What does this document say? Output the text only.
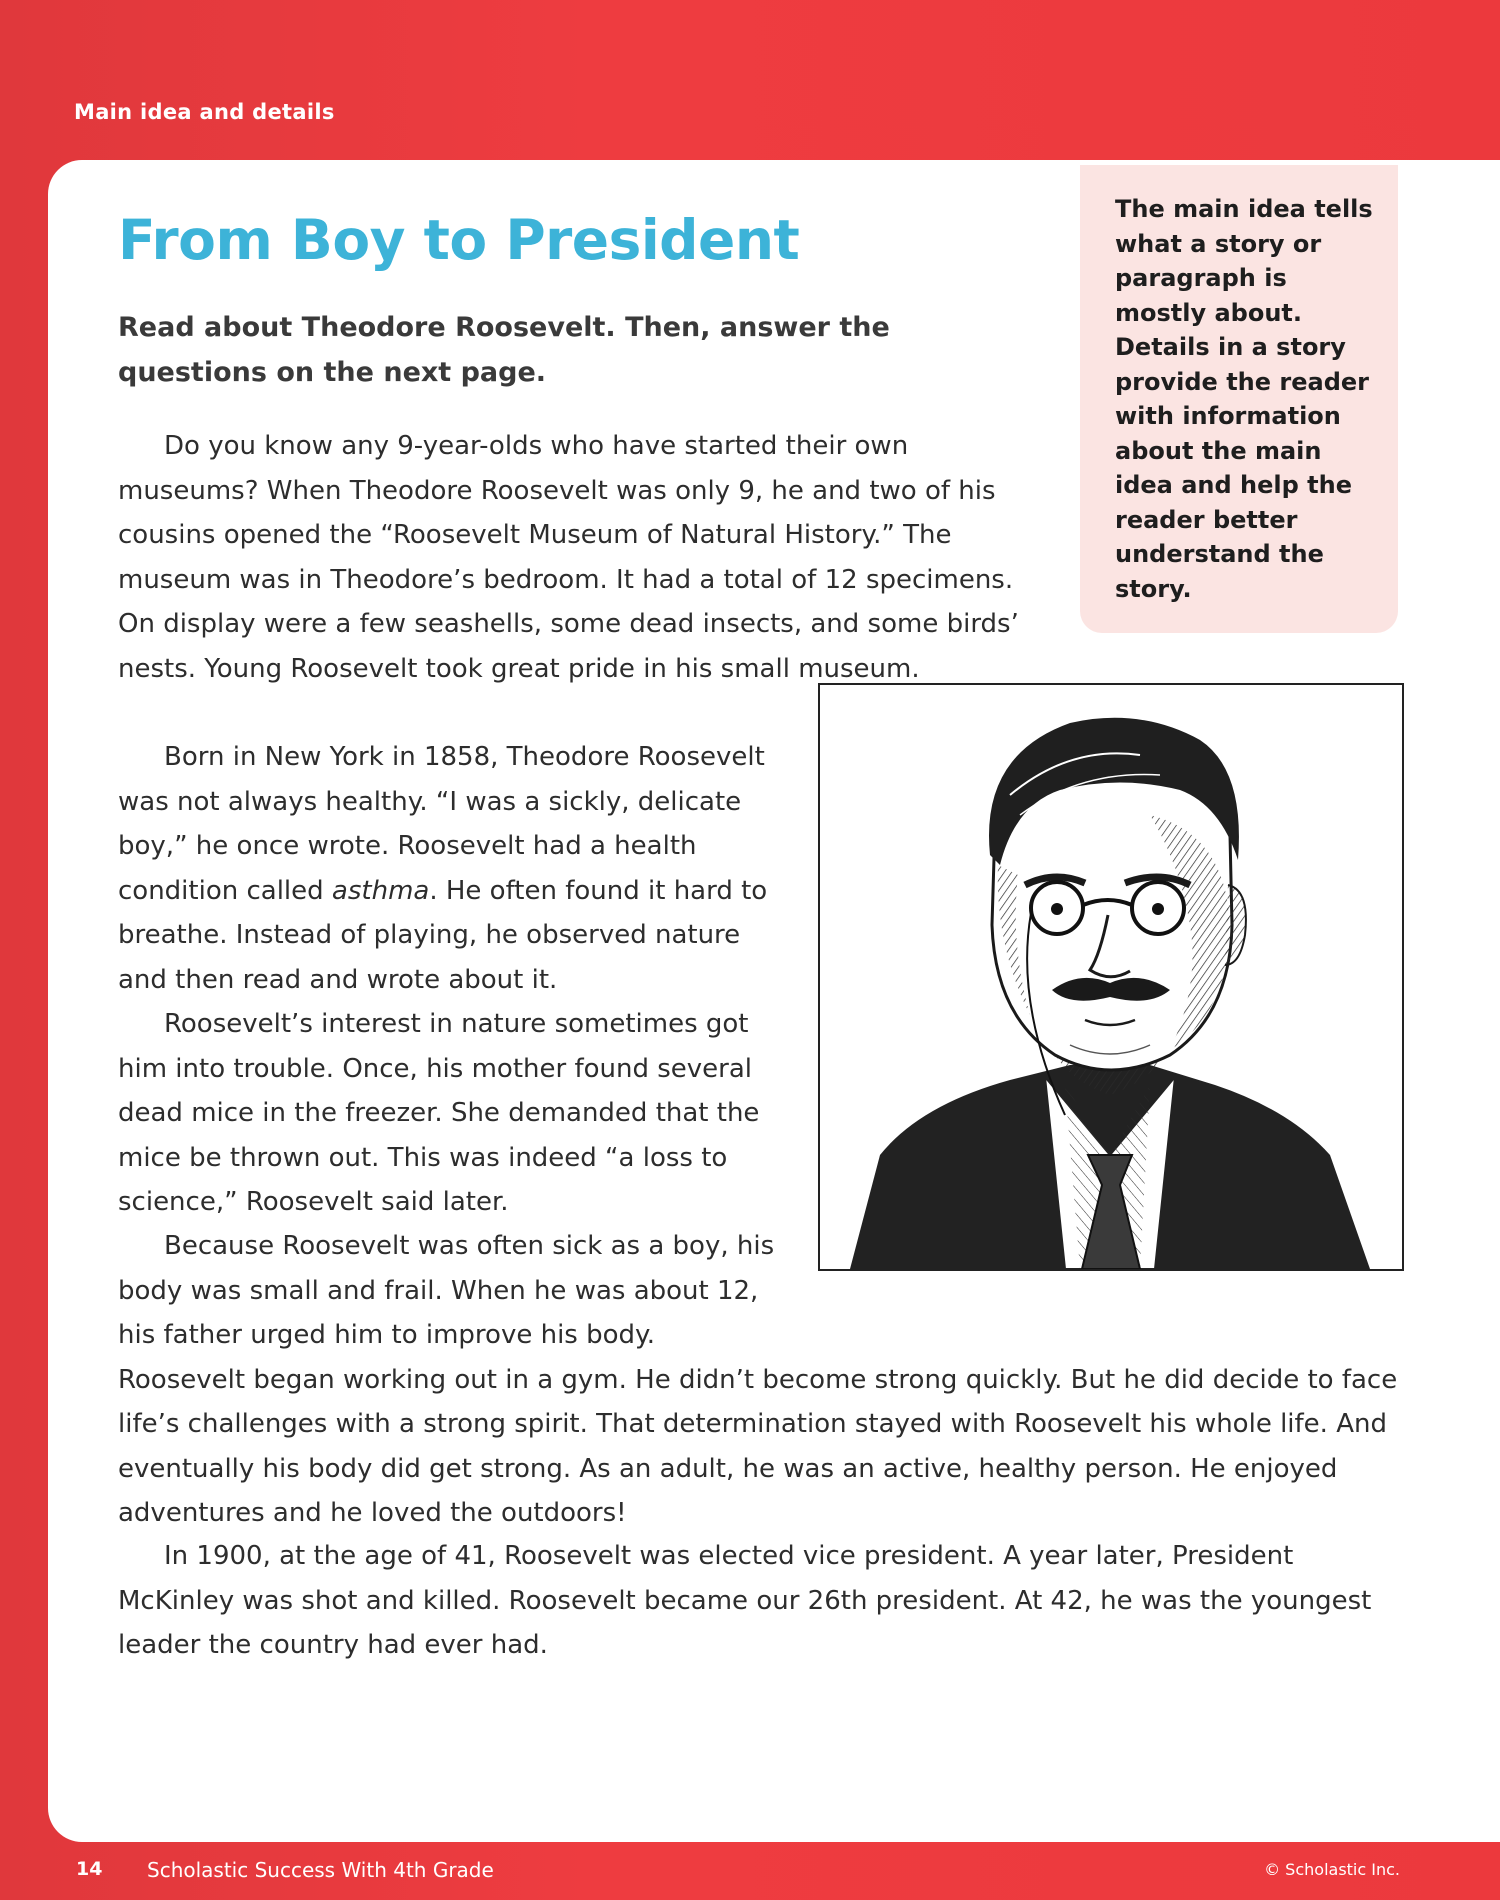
Main idea and details
From Boy to President

Read about Theodore Roosevelt. Then, answer the questions on the next page.

The main idea tells what a story or paragraph is mostly about. Details in a story provide the reader with information about the main idea and help the reader better understand the story.

Do you know any 9-year-olds who have started their own museums? When Theodore Roosevelt was only 9, he and two of his cousins opened the “Roosevelt Museum of Natural History.” The museum was in Theodore’s bedroom. It had a total of 12 specimens. On display were a few seashells, some dead insects, and some birds’ nests. Young Roosevelt took great pride in his small museum.

Born in New York in 1858, Theodore Roosevelt was not always healthy. “I was a sickly, delicate boy,” he once wrote. Roosevelt had a health condition called asthma. He often found it hard to breathe. Instead of playing, he observed nature and then read and wrote about it.

Roosevelt’s interest in nature sometimes got him into trouble. Once, his mother found several dead mice in the freezer. She demanded that the mice be thrown out. This was indeed “a loss to science,” Roosevelt said later.

Because Roosevelt was often sick as a boy, his body was small and frail. When he was about 12, his father urged him to improve his body.
Roosevelt began working out in a gym. He didn’t become strong quickly. But he did decide to face life’s challenges with a strong spirit. That determination stayed with Roosevelt his whole life. And eventually his body did get strong. As an adult, he was an active, healthy person. He enjoyed adventures and he loved the outdoors!

In 1900, at the age of 41, Roosevelt was elected vice president. A year later, President McKinley was shot and killed. Roosevelt became our 26th president. At 42, he was the youngest leader the country had ever had.

14 Scholastic Success With 4th Grade	© Scholastic Inc.
